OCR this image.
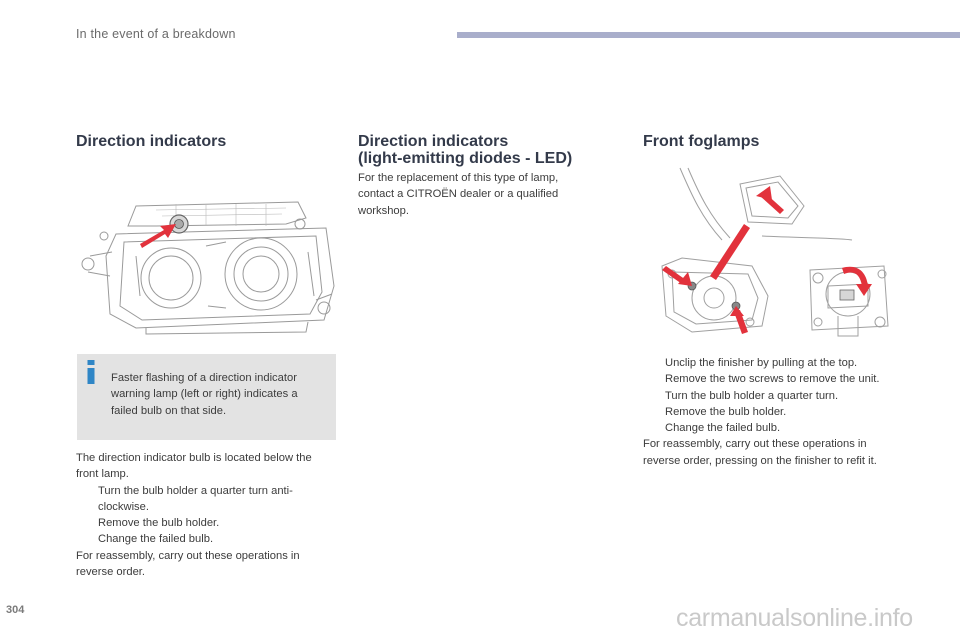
In the event of a breakdown
Direction indicators

Faster flashing of a direction indicator warning lamp (left or right) indicates a failed bulb on that side.

The direction indicator bulb is located below the front lamp.

Turn the bulb holder a quarter turn anti-clockwise.

Remove the bulb holder.

Change the failed bulb.

For reassembly, carry out these operations in reverse order.

Direction indicators
(light-emitting diodes - LED)

For the replacement of this type of lamp, contact a CITROËN dealer or a qualified workshop.

Front foglamps

Unclip the finisher by pulling at the top.

Remove the two screws to remove the unit.

Turn the bulb holder a quarter turn.

Remove the bulb holder.

Change the failed bulb.

For reassembly, carry out these operations in reverse order, pressing on the finisher to refit it.

304	carmanualsonline.info
